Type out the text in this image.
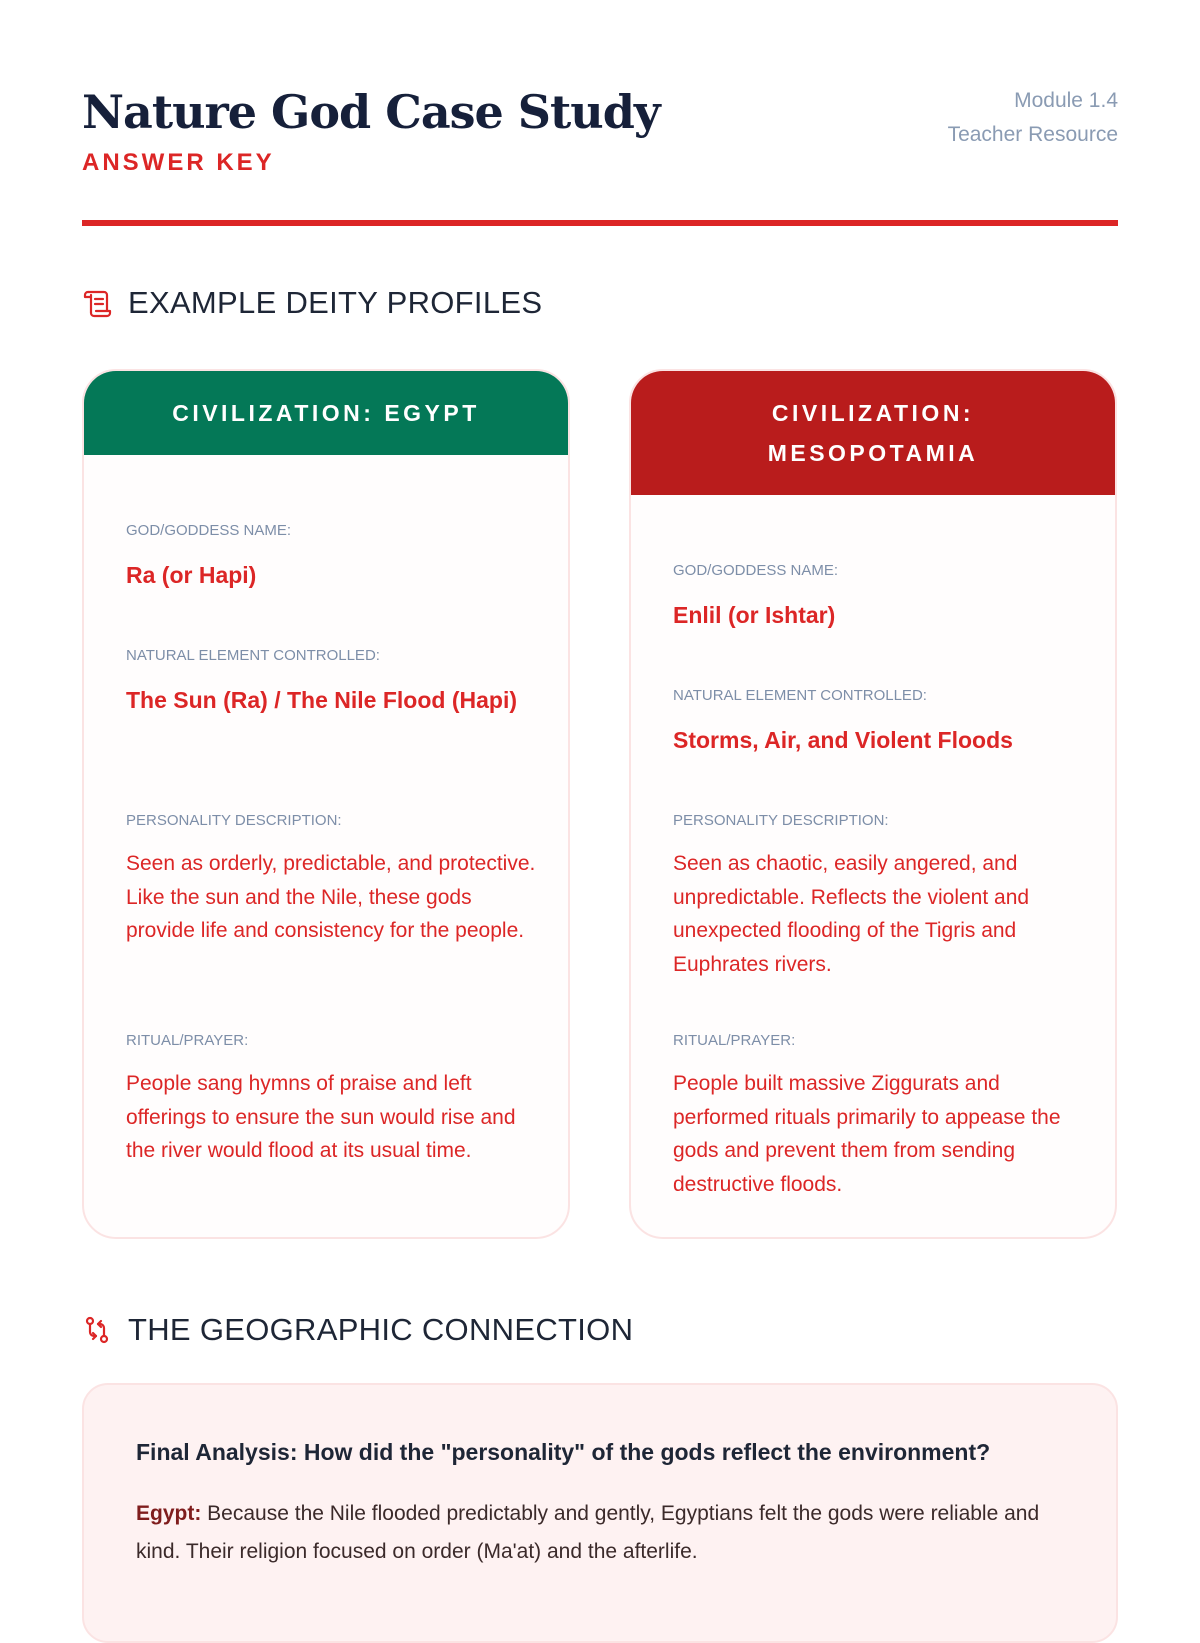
Nature God Case Study
ANSWER KEY
Module 1.4
Teacher Resource
EXAMPLE DEITY PROFILES
CIVILIZATION: EGYPT
GOD/GODDESS NAME:
Ra (or Hapi)
NATURAL ELEMENT CONTROLLED:
The Sun (Ra) / The Nile Flood (Hapi)
PERSONALITY DESCRIPTION:
Seen as orderly, predictable, and protective. Like the sun and the Nile, these gods provide life and consistency for the people.
RITUAL/PRAYER:
People sang hymns of praise and left offerings to ensure the sun would rise and the river would flood at its usual time.
CIVILIZATION: MESOPOTAMIA
GOD/GODDESS NAME:
Enlil (or Ishtar)
NATURAL ELEMENT CONTROLLED:
Storms, Air, and Violent Floods
PERSONALITY DESCRIPTION:
Seen as chaotic, easily angered, and unpredictable. Reflects the violent and unexpected flooding of the Tigris and Euphrates rivers.
RITUAL/PRAYER:
People built massive Ziggurats and performed rituals primarily to appease the gods and prevent them from sending destructive floods.
THE GEOGRAPHIC CONNECTION
Final Analysis: How did the "personality" of the gods reflect the environment?
Egypt: Because the Nile flooded predictably and gently, Egyptians felt the gods were reliable and kind. Their religion focused on order (Ma'at) and the afterlife.
